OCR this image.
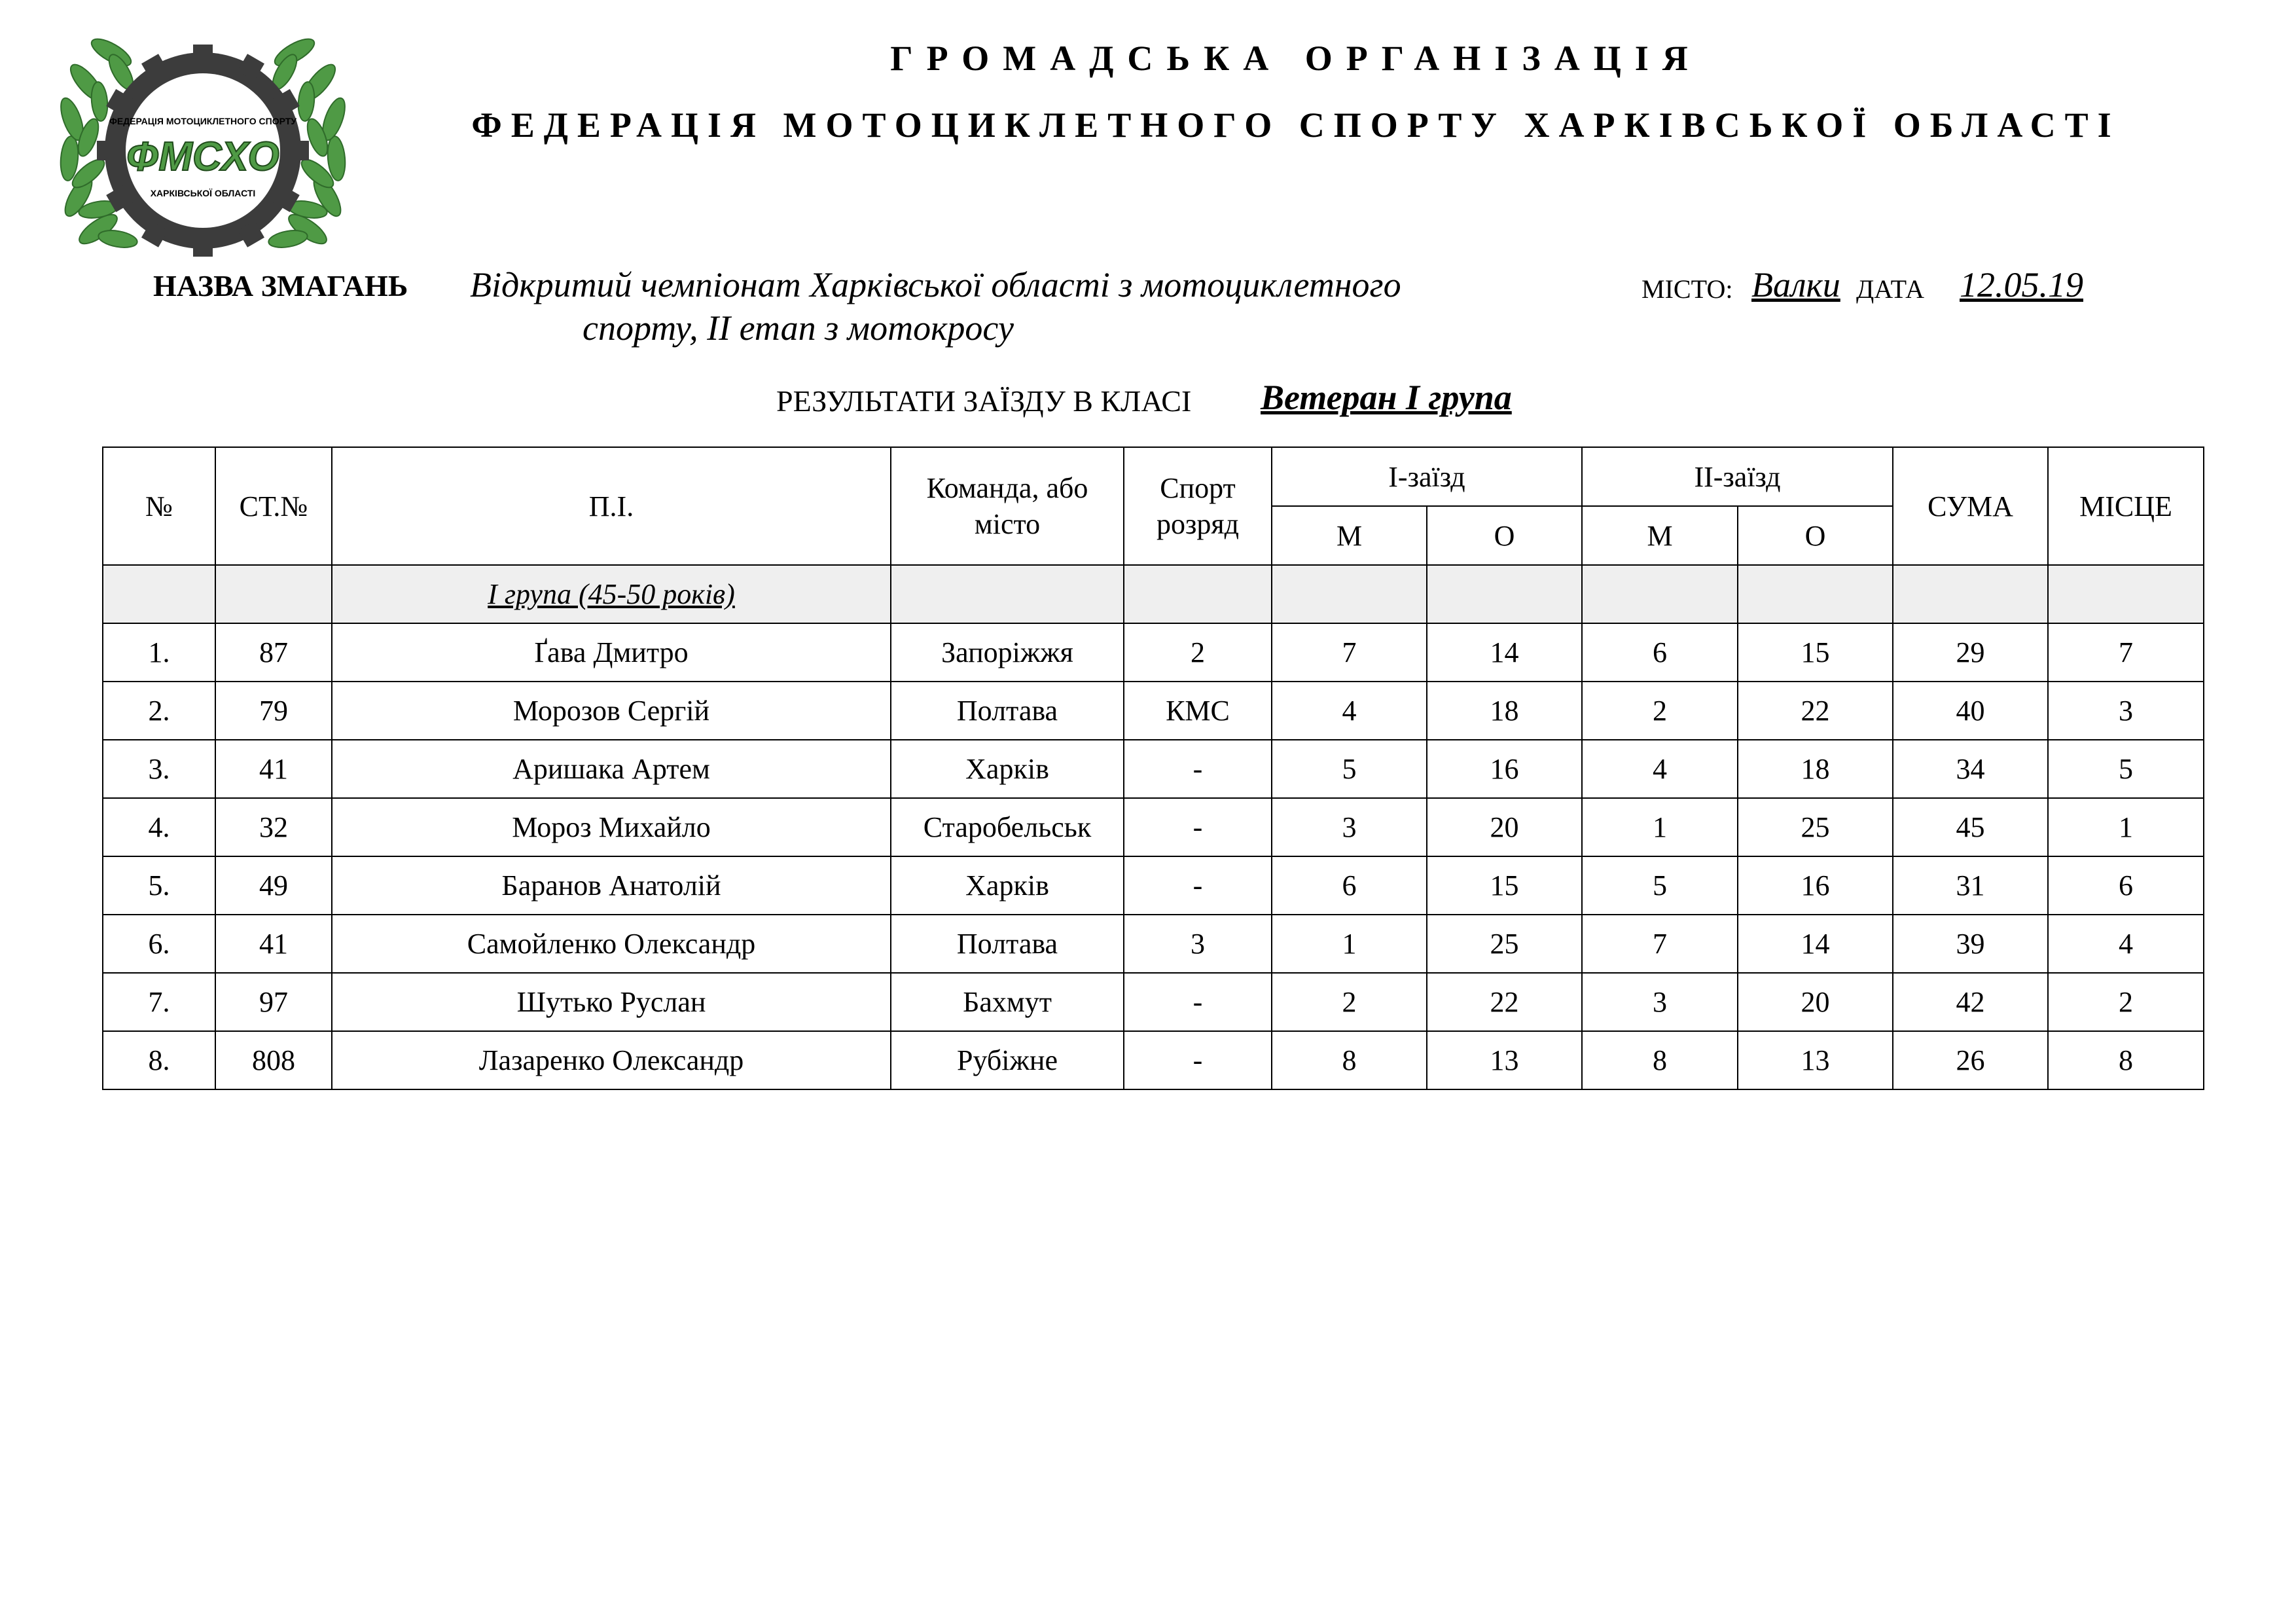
ФЕДЕРАЦІЯ МОТОЦИКЛЕТНОГО СПОРТУ
ФМСХО
ХАРКІВСЬКОЇ ОБЛАСТІ
ГРОМАДСЬКА ОРГАНІЗАЦІЯ
ФЕДЕРАЦІЯ МОТОЦИКЛЕТНОГО СПОРТУ ХАРКІВСЬКОЇ ОБЛАСТІ
НАЗВА ЗМАГАНЬ Відкритий чемпіонат Харківської області з мотоциклетного
спорту, ІІ етап з мотокросу
МІСТО: Валки ДАТА 12.05.19
РЕЗУЛЬТАТИ ЗАЇЗДУ В КЛАСІ Ветеран І група
№	СТ.№	П.І.	Команда, або місто	Спорт розряд	І-заїзд		ІІ-заїзд		СУМА	МІСЦЕ
					М	О	М	О		
		І група (45-50 років)								
1.	87	Ґава Дмитро	Запоріжжя	2	7	14	6	15	29	7
2.	79	Морозов Сергій	Полтава	КМС	4	18	2	22	40	3
3.	41	Аришака Артем	Харків	-	5	16	4	18	34	5
4.	32	Мороз Михайло	Старобельськ	-	3	20	1	25	45	1
5.	49	Баранов Анатолій	Харків	-	6	15	5	16	31	6
6.	41	Самойленко Олександр	Полтава	3	1	25	7	14	39	4
7.	97	Шутько Руслан	Бахмут	-	2	22	3	20	42	2
8.	808	Лазаренко Олександр	Рубіжне	-	8	13	8	13	26	8
